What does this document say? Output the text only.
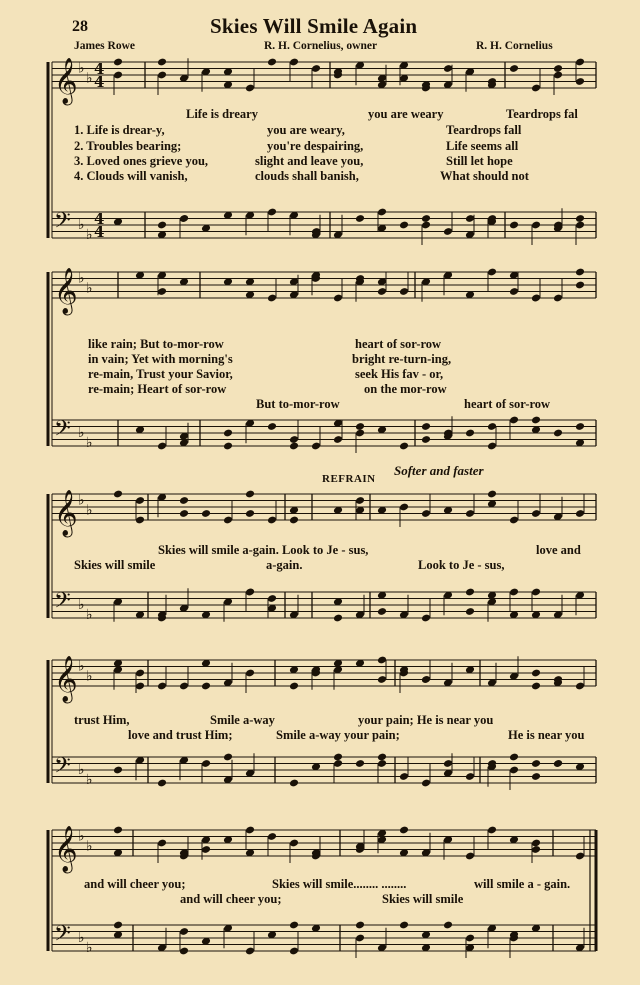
28	Skies Will Smile Again
James Rowe	R. H. Cornelius, owner	R. H. Cornelius
𝄞 ♭
♭
4
4
𝄢 ♭
♭
4
4
𝄞 ♭
♭
𝄢 ♭
♭
𝄞 ♭
♭
𝄢 ♭
♭
𝄞 ♭
♭
𝄢 ♭
♭
𝄞 ♭
♭
𝄢 ♭
♭
Life is dreary	you are weary	Teardrops fal
1. Life is drear-y,	you are weary,	Teardrops fall
2. Troubles bearing;	you're despairing,	Life seems all
3. Loved ones grieve you,	slight and leave you,	Still let hope
4. Clouds will vanish,	clouds shall banish,	What should not
like rain; But to-mor-row	heart of sor-row
in vain; Yet with morning's	bright re-turn-ing,
re-main, Trust your Savior,	seek His fav - or,
re-main; Heart of sor-row	on the mor-row
But to-mor-row	heart of sor-row
REFRAIN
Softer and faster
Skies will smile a-gain. Look to Je - sus,	love and
Skies will smile	a-gain.	Look to Je - sus,
trust Him,	Smile a-way	your pain; He is near you
love and trust Him;	Smile a-way your pain;	He is near you
and will cheer you;	Skies will smile........ ........	will smile a - gain.
and will cheer you;	Skies will smile
